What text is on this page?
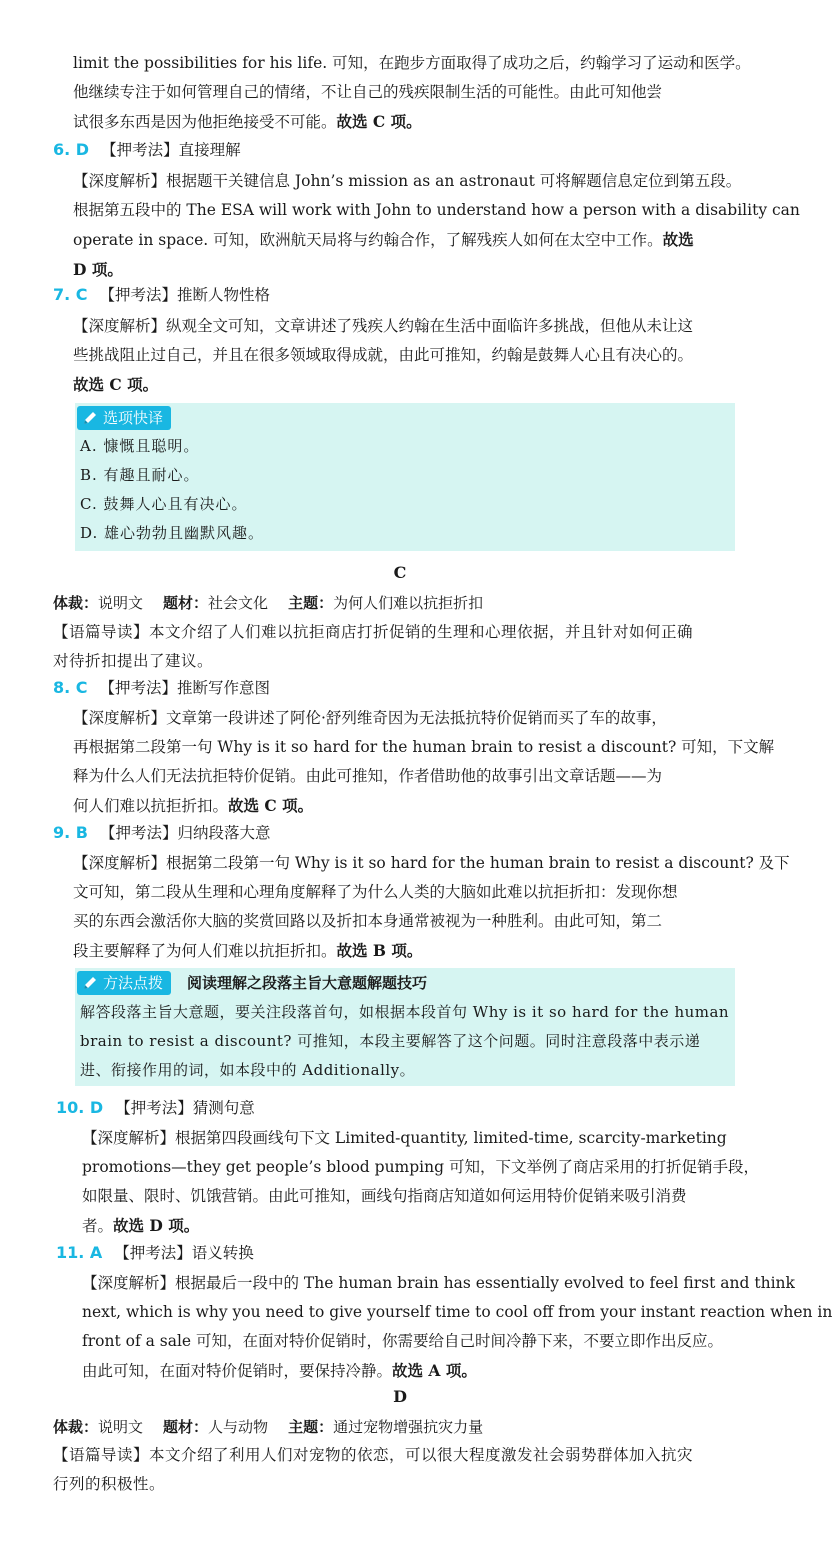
limit the possibilities for his life. 可知，在跑步方面取得了成功之后，约翰学习了运动和医学。
他继续专注于如何管理自己的情绪，不让自己的残疾限制生活的可能性。由此可知他尝
试很多东西是因为他拒绝接受不可能。故选 C 项。
6. D 【押考法】直接理解
【深度解析】根据题干关键信息 John’s mission as an astronaut 可将解题信息定位到第五段。
根据第五段中的 The ESA will work with John to understand how a person with a disability can
operate in space. 可知，欧洲航天局将与约翰合作，了解残疾人如何在太空中工作。故选
D 项。
7. C 【押考法】推断人物性格
【深度解析】纵观全文可知，文章讲述了残疾人约翰在生活中面临许多挑战，但他从未让这
些挑战阻止过自己，并且在很多领域取得成就，由此可推知，约翰是鼓舞人心且有决心的。
故选 C 项。
选项快译
A. 慷慨且聪明。
B. 有趣且耐心。
C. 鼓舞人心且有决心。
D. 雄心勃勃且幽默风趣。
C
体裁：说明文 题材：社会文化 主题：为何人们难以抗拒折扣
【语篇导读】本文介绍了人们难以抗拒商店打折促销的生理和心理依据，并且针对如何正确
对待折扣提出了建议。
8. C 【押考法】推断写作意图
【深度解析】文章第一段讲述了阿伦·舒列维奇因为无法抵抗特价促销而买了车的故事，
再根据第二段第一句 Why is it so hard for the human brain to resist a discount? 可知，下文解
释为什么人们无法抗拒特价促销。由此可推知，作者借助他的故事引出文章话题——为
何人们难以抗拒折扣。故选 C 项。
9. B 【押考法】归纳段落大意
【深度解析】根据第二段第一句 Why is it so hard for the human brain to resist a discount? 及下
文可知，第二段从生理和心理角度解释了为什么人类的大脑如此难以抗拒折扣：发现你想
买的东西会激活你大脑的奖赏回路以及折扣本身通常被视为一种胜利。由此可知，第二
段主要解释了为何人们难以抗拒折扣。故选 B 项。
方法点拨	阅读理解之段落主旨大意题解题技巧
解答段落主旨大意题，要关注段落首句，如根据本段首句 Why is it so hard for the human
brain to resist a discount? 可推知，本段主要解答了这个问题。同时注意段落中表示递
进、衔接作用的词，如本段中的 Additionally。
10. D 【押考法】猜测句意
【深度解析】根据第四段画线句下文 Limited-quantity, limited-time, scarcity-marketing
promotions—they get people’s blood pumping 可知，下文举例了商店采用的打折促销手段，
如限量、限时、饥饿营销。由此可推知，画线句指商店知道如何运用特价促销来吸引消费
者。故选 D 项。
11. A 【押考法】语义转换
【深度解析】根据最后一段中的 The human brain has essentially evolved to feel first and think
next, which is why you need to give yourself time to cool off from your instant reaction when in
front of a sale 可知，在面对特价促销时，你需要给自己时间冷静下来，不要立即作出反应。
由此可知，在面对特价促销时，要保持冷静。故选 A 项。
D
体裁：说明文 题材：人与动物 主题：通过宠物增强抗灾力量
【语篇导读】本文介绍了利用人们对宠物的依恋，可以很大程度激发社会弱势群体加入抗灾
行列的积极性。
